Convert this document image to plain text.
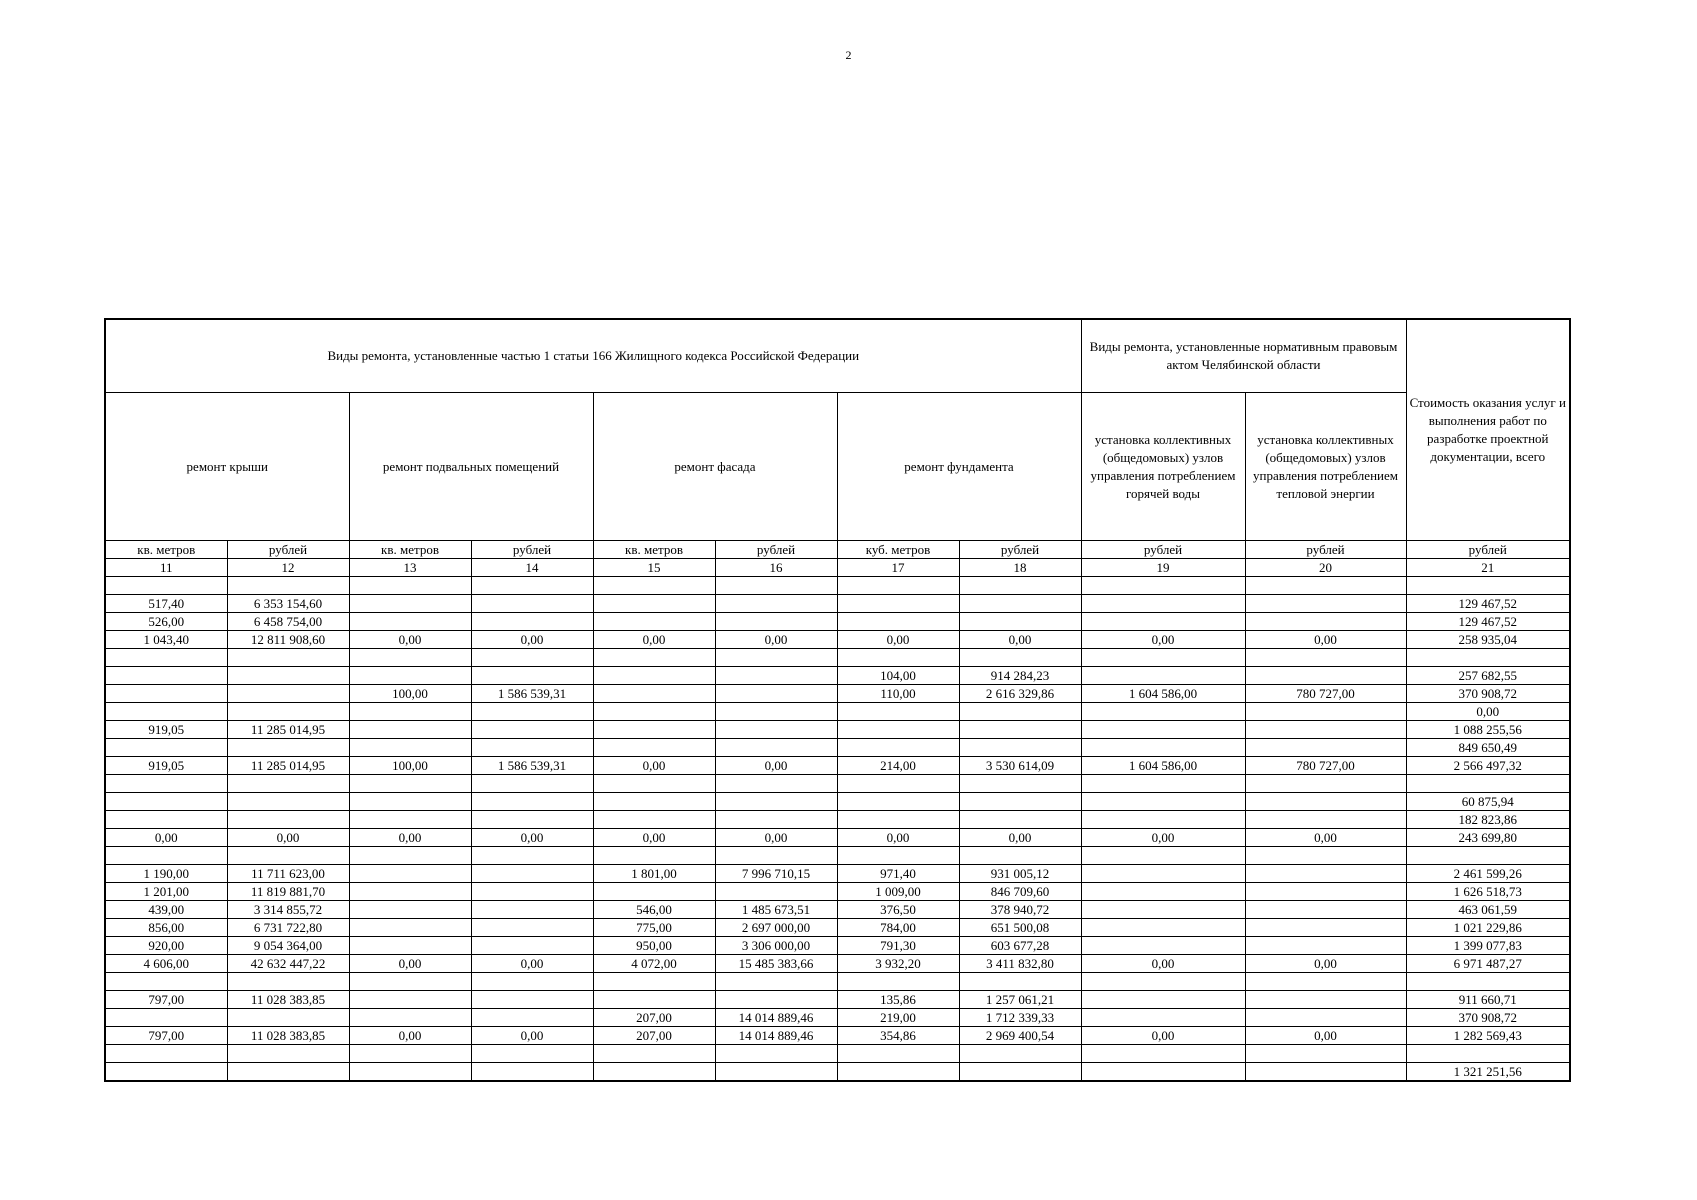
2
Виды ремонта, установленные частью 1 статьи 166 Жилищного кодекса Российской Федерации								Виды ремонта, установленные нормативным правовым актом Челябинской области		Стоимость оказания услуг и выполнения работ по разработке проектной документации, всего
ремонт крыши		ремонт подвальных помещений		ремонт фасада		ремонт фундамента		установка коллективных (общедомовых) узлов управления потреблением горячей воды	установка коллективных (общедомовых) узлов управления потреблением тепловой энергии	
кв. метров	рублей	кв. метров	рублей	кв. метров	рублей	куб. метров	рублей	рублей	рублей	рублей
11	12	13	14	15	16	17	18	19	20	21

517,40	6 353 154,60									129 467,52
526,00	6 458 754,00									129 467,52
1 043,40	12 811 908,60	0,00	0,00	0,00	0,00	0,00	0,00	0,00	0,00	258 935,04

						104,00	914 284,23			257 682,55
		100,00	1 586 539,31			110,00	2 616 329,86	1 604 586,00	780 727,00	370 908,72
										0,00
919,05	11 285 014,95									1 088 255,56
										849 650,49
919,05	11 285 014,95	100,00	1 586 539,31	0,00	0,00	214,00	3 530 614,09	1 604 586,00	780 727,00	2 566 497,32

										60 875,94
										182 823,86
0,00	0,00	0,00	0,00	0,00	0,00	0,00	0,00	0,00	0,00	243 699,80

1 190,00	11 711 623,00			1 801,00	7 996 710,15	971,40	931 005,12			2 461 599,26
1 201,00	11 819 881,70					1 009,00	846 709,60			1 626 518,73
439,00	3 314 855,72			546,00	1 485 673,51	376,50	378 940,72			463 061,59
856,00	6 731 722,80			775,00	2 697 000,00	784,00	651 500,08			1 021 229,86
920,00	9 054 364,00			950,00	3 306 000,00	791,30	603 677,28			1 399 077,83
4 606,00	42 632 447,22	0,00	0,00	4 072,00	15 485 383,66	3 932,20	3 411 832,80	0,00	0,00	6 971 487,27

797,00	11 028 383,85					135,86	1 257 061,21			911 660,71
				207,00	14 014 889,46	219,00	1 712 339,33			370 908,72
797,00	11 028 383,85	0,00	0,00	207,00	14 014 889,46	354,86	2 969 400,54	0,00	0,00	1 282 569,43

										1 321 251,56
